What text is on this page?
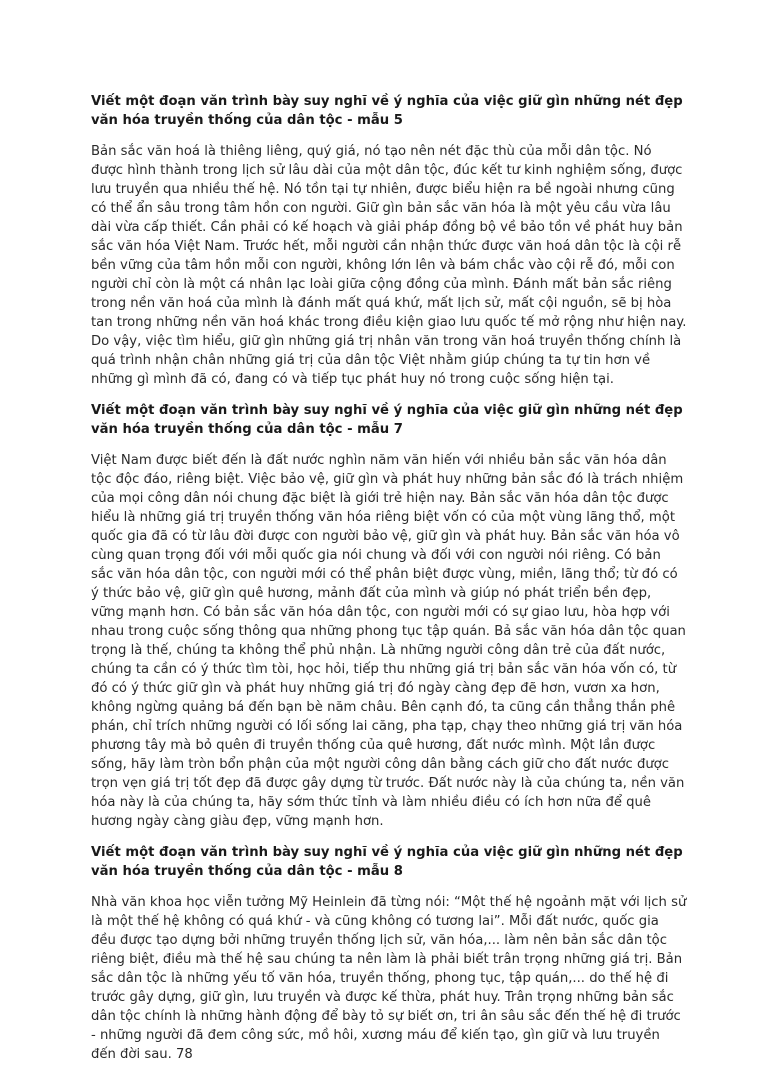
Viết một đoạn văn trình bày suy nghĩ về ý nghĩa của việc giữ gìn những nét đẹp văn hóa truyền thống của dân tộc - mẫu 5

Bản sắc văn hoá là thiêng liêng, quý giá, nó tạo nên nét đặc thù của mỗi dân tộc. Nó được hình thành trong lịch sử lâu dài của một dân tộc, đúc kết tư kinh nghiệm sống, được lưu truyền qua nhiều thế hệ. Nó tồn tại tự nhiên, được biểu hiện ra bề ngoài nhưng cũng có thể ẩn sâu trong tâm hồn con người. Giữ gìn bản sắc văn hóa là một yêu cầu vừa lâu dài vừa cấp thiết. Cần phải có kế hoạch và giải pháp đồng bộ về bảo tồn về phát huy bản sắc văn hóa Việt Nam. Trước hết, mỗi người cần nhận thức được văn hoá dân tộc là cội rễ bền vững của tâm hồn mỗi con người, không lớn lên và bám chắc vào cội rễ đó, mỗi con người chỉ còn là một cá nhân lạc loài giữa cộng đồng của mình. Đánh mất bản sắc riêng trong nền văn hoá của mình là đánh mất quá khứ, mất lịch sử, mất cội nguồn, sẽ bị hòa tan trong những nền văn hoá khác trong điều kiện giao lưu quốc tế mở rộng như hiện nay. Do vậy, việc tìm hiểu, giữ gìn những giá trị nhân văn trong văn hoá truyền thống chính là quá trình nhận chân những giá trị của dân tộc Việt nhằm giúp chúng ta tự tin hơn về những gì mình đã có, đang có và tiếp tục phát huy nó trong cuộc sống hiện tại.

Viết một đoạn văn trình bày suy nghĩ về ý nghĩa của việc giữ gìn những nét đẹp văn hóa truyền thống của dân tộc - mẫu 7

Việt Nam được biết đến là đất nước nghìn năm văn hiến với nhiều bản sắc văn hóa dân tộc độc đáo, riêng biệt. Việc bảo vệ, giữ gìn và phát huy những bản sắc đó là trách nhiệm của mọi công dân nói chung đặc biệt là giới trẻ hiện nay. Bản sắc văn hóa dân tộc được hiểu là những giá trị truyền thống văn hóa riêng biệt vốn có của một vùng lãng thổ, một quốc gia đã có từ lâu đời được con người bảo vệ, giữ gìn và phát huy. Bản sắc văn hóa vô cùng quan trọng đối với mỗi quốc gia nói chung và đối với con người nói riêng. Có bản sắc văn hóa dân tộc, con người mới có thể phân biệt được vùng, miền, lãng thổ; từ đó có ý thức bảo vệ, giữ gìn quê hương, mảnh đất của mình và giúp nó phát triển bền đẹp, vững mạnh hơn. Có bản sắc văn hóa dân tộc, con người mới có sự giao lưu, hòa hợp với nhau trong cuộc sống thông qua những phong tục tập quán. Bả sắc văn hóa dân tộc quan trọng là thế, chúng ta không thể phủ nhận. Là những người công dân trẻ của đất nước, chúng ta cần có ý thức tìm tòi, học hỏi, tiếp thu những giá trị bản sắc văn hóa vốn có, từ đó có ý thức giữ gìn và phát huy những giá trị đó ngày càng đẹp đẽ hơn, vươn xa hơn, không ngừng quảng bá đến bạn bè năm châu. Bên cạnh đó, ta cũng cần thẳng thắn phê phán, chỉ trích những người có lối sống lai căng, pha tạp, chạy theo những giá trị văn hóa phương tây mà bỏ quên đi truyền thống của quê hương, đất nước mình. Một lần được sống, hãy làm tròn bổn phận của một người công dân bằng cách giữ cho đất nước được trọn vẹn giá trị tốt đẹp đã được gây dựng từ trước. Đất nước này là của chúng ta, nền văn hóa này là của chúng ta, hãy sớm thức tỉnh và làm nhiều điều có ích hơn nữa để quê hương ngày càng giàu đẹp, vững mạnh hơn.

Viết một đoạn văn trình bày suy nghĩ về ý nghĩa của việc giữ gìn những nét đẹp văn hóa truyền thống của dân tộc - mẫu 8

Nhà văn khoa học viễn tưởng Mỹ Heinlein đã từng nói: “Một thế hệ ngoảnh mặt với lịch sử là một thế hệ không có quá khứ - và cũng không có tương lai”. Mỗi đất nước, quốc gia đều được tạo dựng bởi những truyền thống lịch sử, văn hóa,... làm nên bản sắc dân tộc riêng biệt, điều mà thế hệ sau chúng ta nên làm là phải biết trân trọng những giá trị. Bản sắc dân tộc là những yếu tố văn hóa, truyền thống, phong tục, tập quán,... do thế hệ đi trước gây dựng, giữ gìn, lưu truyền và được kế thừa, phát huy. Trân trọng những bản sắc dân tộc chính là những hành động để bày tỏ sự biết ơn, tri ân sâu sắc đến thế hệ đi trước - những người đã đem công sức, mồ hôi, xương máu để kiến tạo, gìn giữ và lưu truyền đến đời sau. 78
